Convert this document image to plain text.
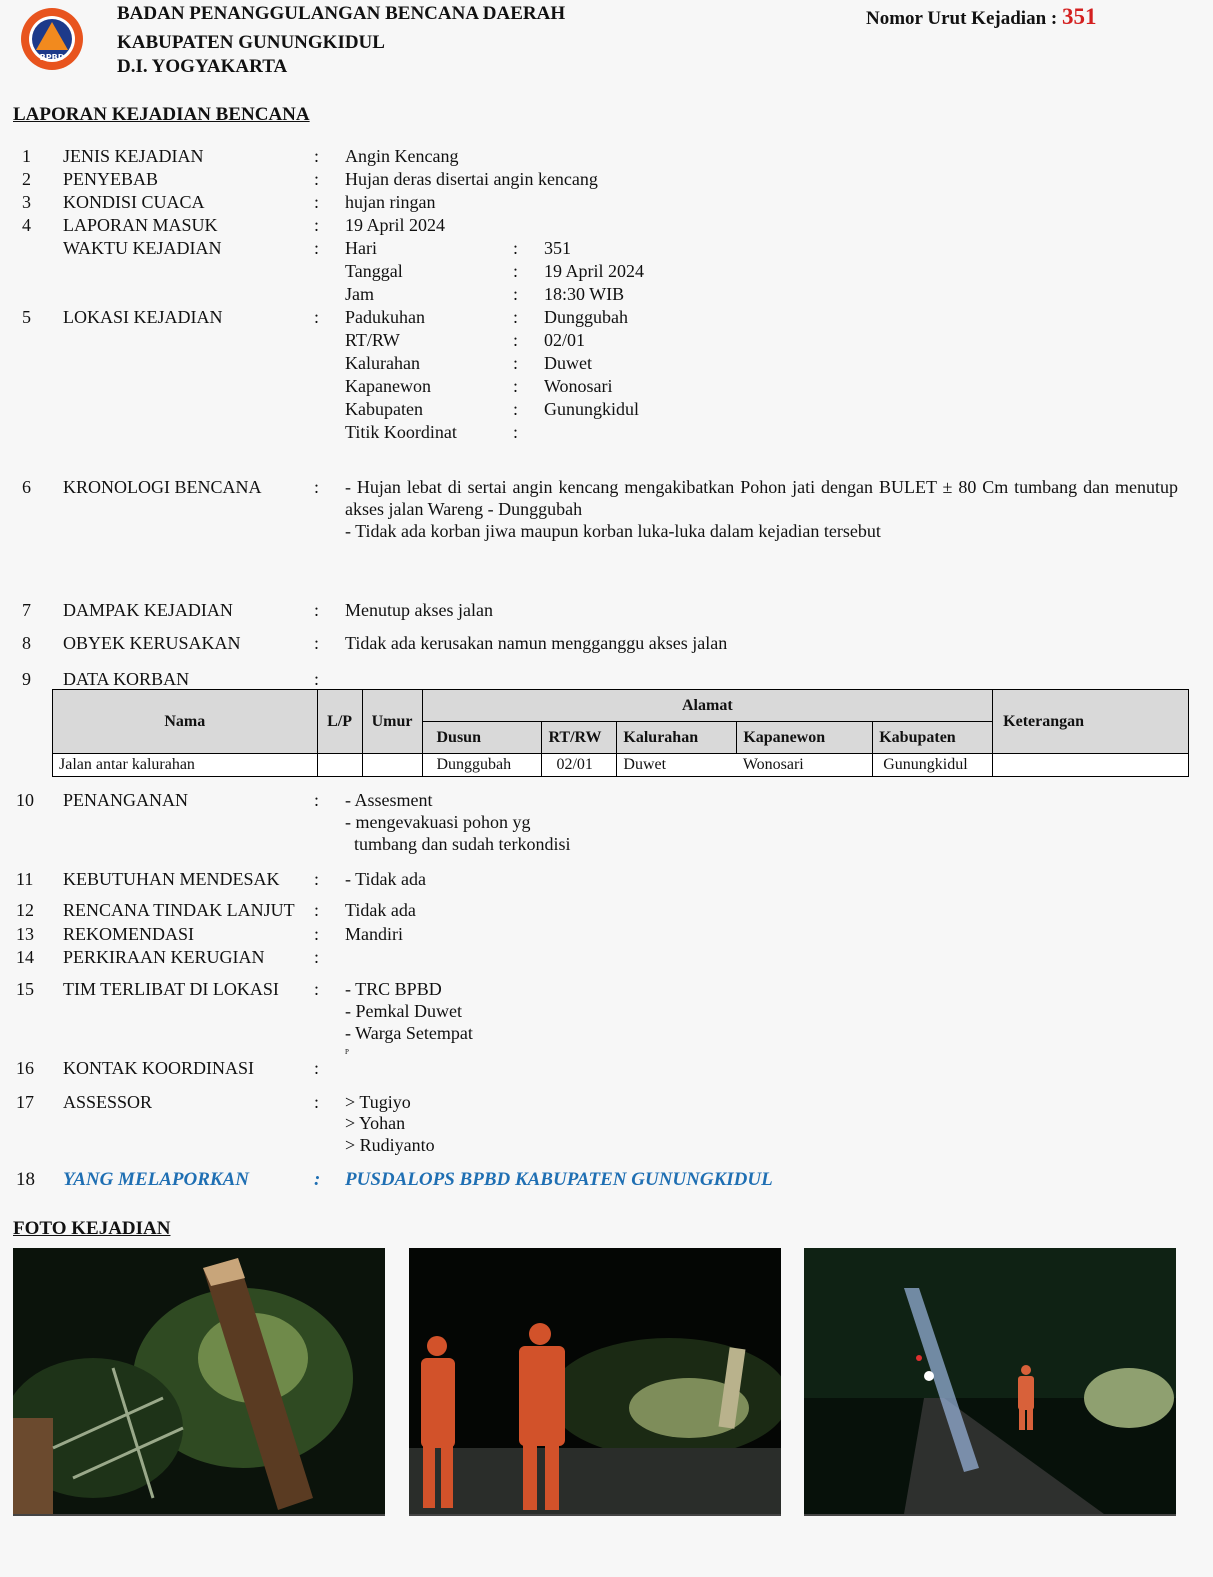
BPBD
BADAN PENANGGULANGAN BENCANA DAERAH
KABUPATEN GUNUNGKIDUL
D.I. YOGYAKARTA
Nomor Urut Kejadian : 351
LAPORAN KEJADIAN BENCANA
1	JENIS KEJADIAN	: Angin Kencang
2	PENYEBAB	: Hujan deras disertai angin kencang
3	KONDISI CUACA	: hujan ringan
4	LAPORAN MASUK	: 19 April 2024
WAKTU KEJADIAN	: Hari	: 351
Tanggal	: 19 April 2024
Jam	: 18:30 WIB
5	LOKASI KEJADIAN	: Padukuhan	: Dunggubah
RT/RW	: 02/01
Kalurahan	: Duwet
Kapanewon	: Wonosari
Kabupaten	: Gunungkidul
Titik Koordinat	:
6	KRONOLOGI BENCANA	: - Hujan lebat di sertai angin kencang mengakibatkan Pohon jati dengan BULET ± 80 Cm tumbang dan menutup akses jalan Wareng - Dunggubah
- Tidak ada korban jiwa maupun korban luka-luka dalam kejadian tersebut
7	DAMPAK KEJADIAN	: Menutup akses jalan
8	OBYEK KERUSAKAN	: Tidak ada kerusakan namun mengganggu akses jalan
9	DATA KORBAN	:
Nama	L/P	Umur	Alamat					Keterangan
			Dusun	RT/RW	Kalurahan	Kapanewon	Kabupaten	
Jalan antar kalurahan			Dunggubah	02/01	Duwet	Wonosari	Gunungkidul	
10	PENANGANAN	: - Assesment
- mengevakuasi pohon yg
tumbang dan sudah terkondisi
11	KEBUTUHAN MENDESAK : - Tidak ada
12	RENCANA TINDAK LANJUT : Tidak ada
13	REKOMENDASI	: Mandiri
14	PERKIRAAN KERUGIAN	:
15	TIM TERLIBAT DI LOKASI : - TRC BPBD
- Pemkal Duwet
- Warga Setempat
P
16	KONTAK KOORDINASI	:
17	ASSESSOR	: > Tugiyo
> Yohan
> Rudiyanto
18	YANG MELAPORKAN	: PUSDALOPS BPBD KABUPATEN GUNUNGKIDUL
FOTO KEJADIAN
